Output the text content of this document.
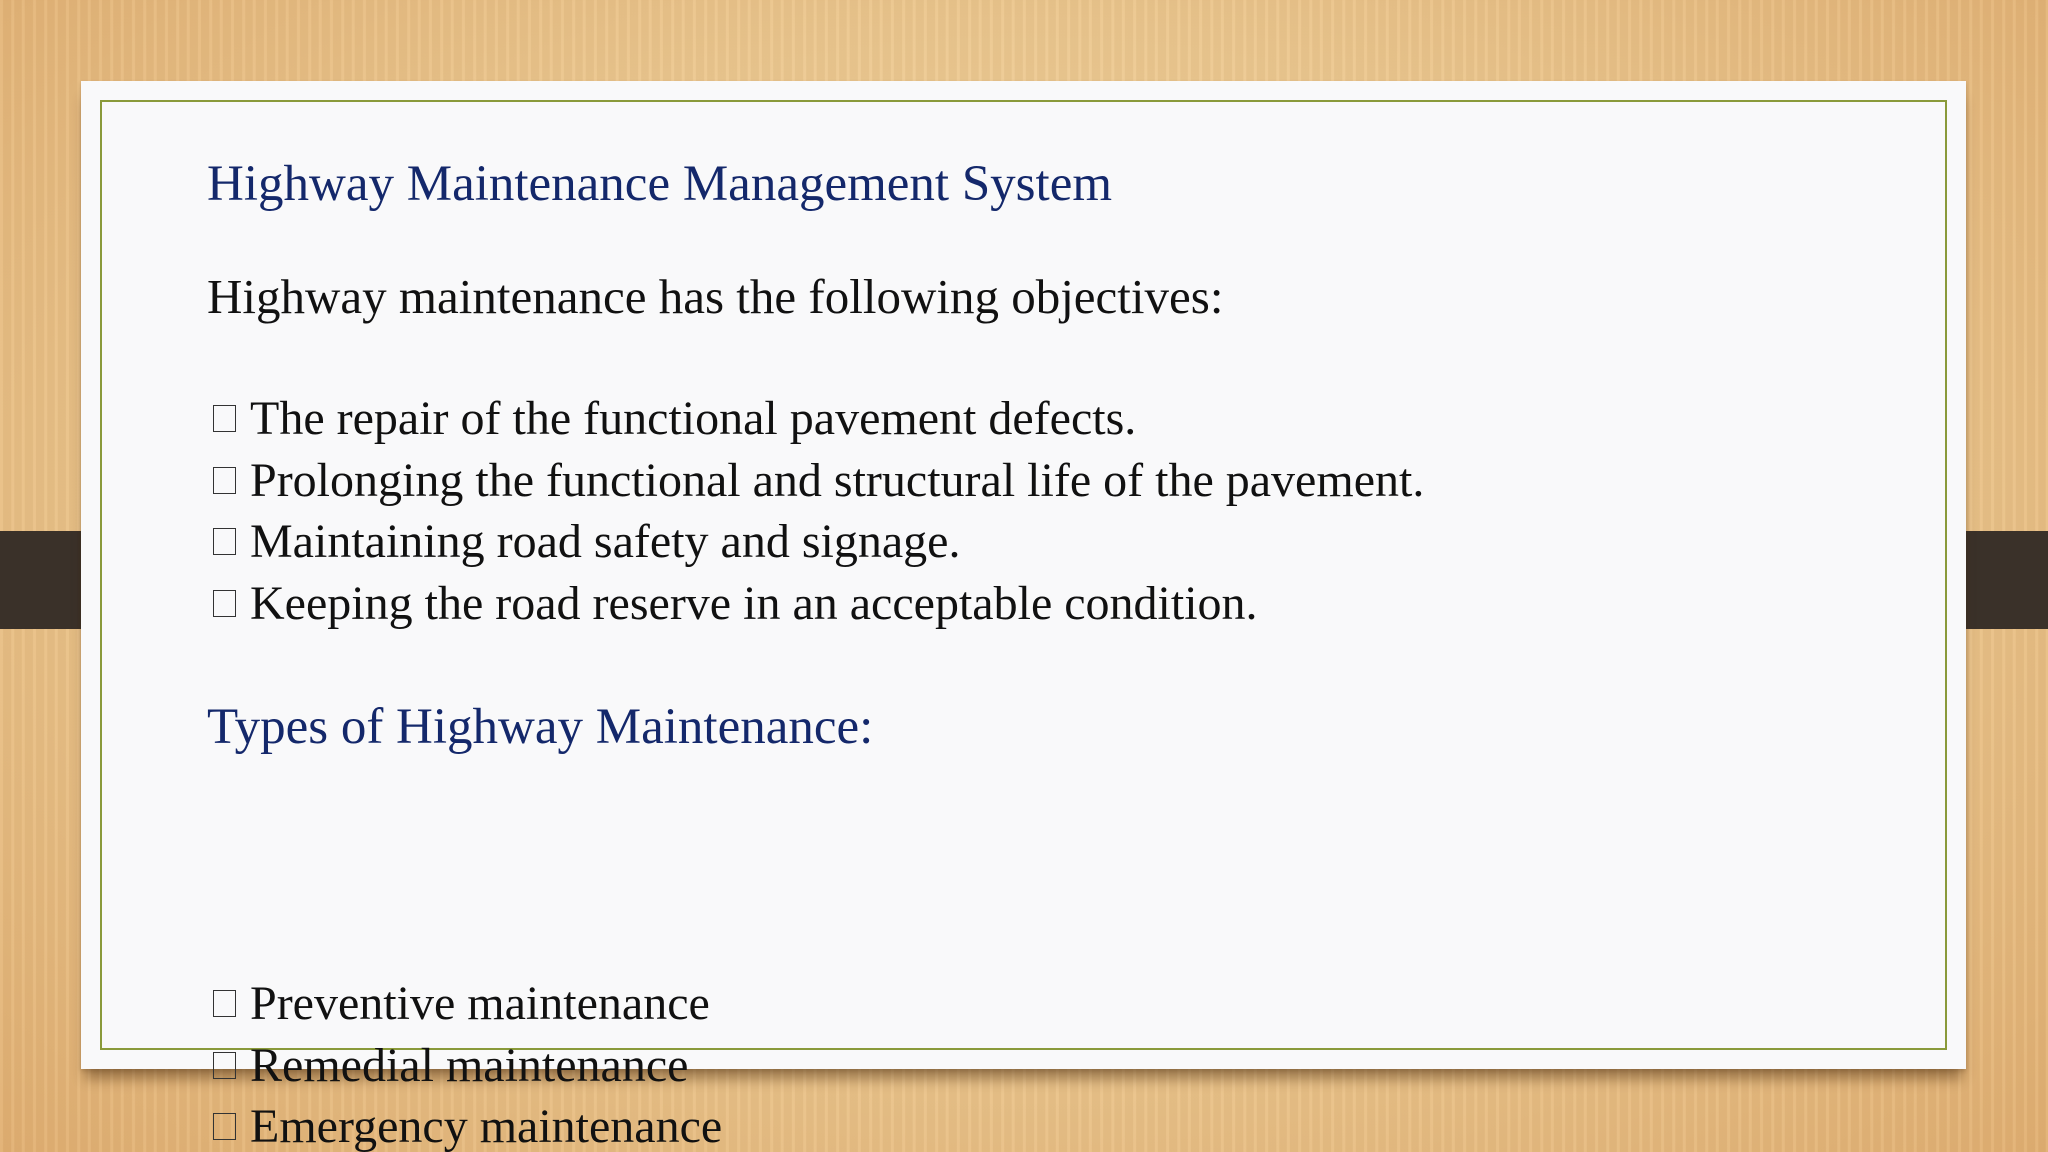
Highway Maintenance Management System

Highway maintenance has the following objectives:

The repair of the functional pavement defects.
Prolonging the functional and structural life of the pavement.
Maintaining road safety and signage.
Keeping the road reserve in an acceptable condition.
Types of Highway Maintenance:
Preventive maintenance
Remedial maintenance
Emergency maintenance
